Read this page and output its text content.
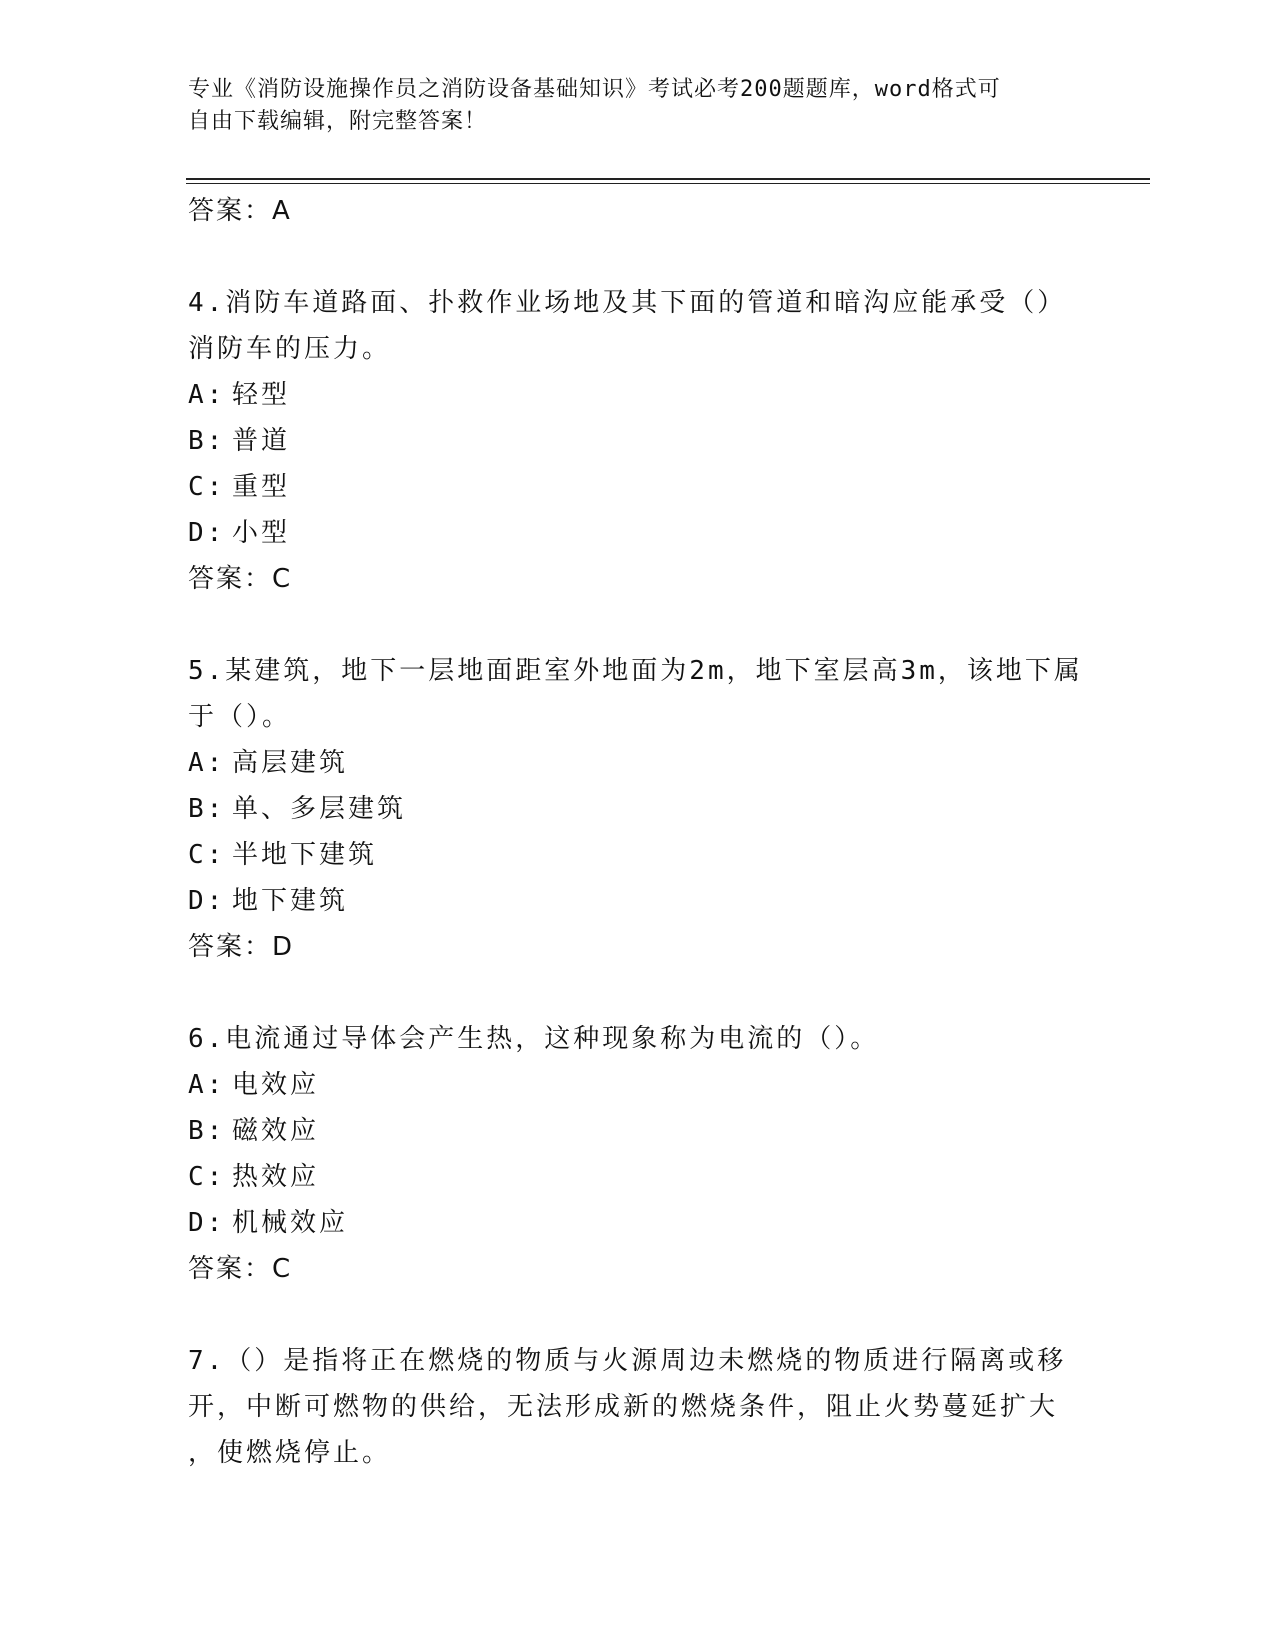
专业《消防设施操作员之消防设备基础知识》考试必考200题题库，word格式可
自由下载编辑，附完整答案！

答案：A

4.消防车道路面、扑救作业场地及其下面的管道和暗沟应能承受（）

消防车的压力。

A: 轻型
B: 普道
C: 重型
D: 小型

答案：C

5.某建筑，地下一层地面距室外地面为2m，地下室层高3m，该地下属

于（）。

A: 高层建筑
B: 单、多层建筑
C: 半地下建筑
D: 地下建筑

答案：D

6.电流通过导体会产生热，这种现象称为电流的（）。

A: 电效应
B: 磁效应
C: 热效应
D: 机械效应

答案：C

7.（）是指将正在燃烧的物质与火源周边未燃烧的物质进行隔离或移

开，中断可燃物的供给，无法形成新的燃烧条件，阻止火势蔓延扩大

，使燃烧停止。
